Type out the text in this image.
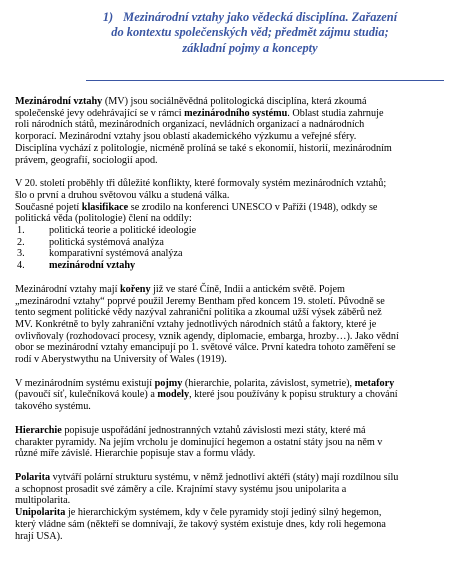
1) Mezinárodní vztahy jako vědecká disciplína. Zařazení
do kontextu společenských věd; předmět zájmu studia;
základní pojmy a koncepty

Mezinárodní vztahy (MV) jsou sociálněvědná politologická disciplína, která zkoumá
společenské jevy odehrávající se v rámci mezinárodního systému. Oblast studia zahrnuje
roli národních států, mezinárodních organizací, nevládních organizací a nadnárodních
korporací. Mezinárodní vztahy jsou oblastí akademického výzkumu a veřejné sféry.
Disciplína vychází z politologie, nicméně prolíná se také s ekonomií, historií, mezinárodním
právem, geografií, sociologií apod.

V 20. století proběhly tři důležité konflikty, které formovaly systém mezinárodních vztahů;
šlo o první a druhou světovou válku a studená válka.
Současné pojetí klasifikace se zrodilo na konferenci UNESCO v Paříži (1948), odkdy se
politická věda (politologie) člení na oddíly:

1. politická teorie a politické ideologie
2. politická systémová analýza
3. komparativní systémová analýza
4. mezinárodní vztahy

Mezinárodní vztahy mají kořeny již ve staré Číně, Indii a antickém světě. Pojem
„mezinárodní vztahy“ poprvé použil Jeremy Bentham před koncem 19. století. Původně se
tento segment politické vědy nazýval zahraniční politika a zkoumal užší výsek záběrů než
MV. Konkrétně to byly zahraniční vztahy jednotlivých národních států a faktory, které je
ovlivňovaly (rozhodovací procesy, vznik agendy, diplomacie, embarga, hrozby…). Jako vědní
obor se mezinárodní vztahy emancipují po 1. světové válce. První katedra tohoto zaměření se
rodí v Aberystwythu na University of Wales (1919).

V mezinárodním systému existují pojmy (hierarchie, polarita, závislost, symetrie), metafory
(pavoučí síť, kulečníková koule) a modely, které jsou používány k popisu struktury a chování
takového systému.

Hierarchie popisuje uspořádání jednostranných vztahů závislosti mezi státy, které má
charakter pyramidy. Na jejím vrcholu je dominující hegemon a ostatní státy jsou na něm v
různé míře závislé. Hierarchie popisuje stav a formu vlády.

Polarita vytváří polární strukturu systému, v němž jednotliví aktéři (státy) mají rozdílnou sílu
a schopnost prosadit své záměry a cíle. Krajnímí stavy systému jsou unipolarita a
multipolarita.

Unipolarita je hierarchickým systémem, kdy v čele pyramidy stojí jediný silný hegemon,
který vládne sám (někteří se domnívají, že takový systém existuje dnes, kdy roli hegemona
hrají USA).
